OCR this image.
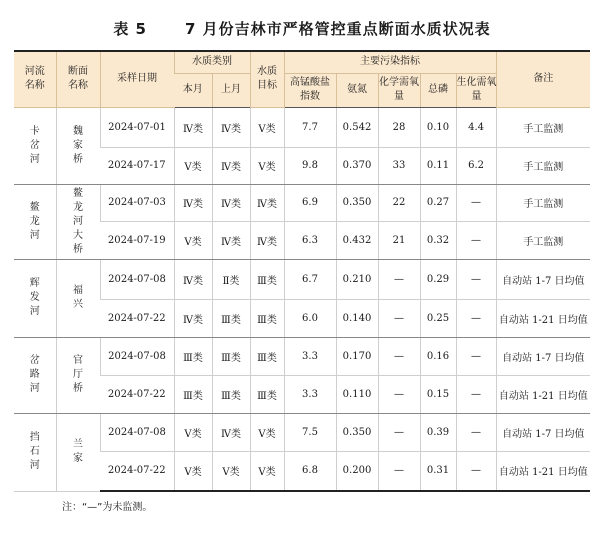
表 5	7 月份吉林市严格管控重点断面水质状况表
河流名称	断面名称	采样日期	水质类别		水质目标	主要污染指标					备注
			本月	上月		高锰酸盐指数	氨氮	化学需氧量	总磷	生化需氧量	
卡岔河	魏家桥	2024-07-01	Ⅳ类	Ⅳ类	Ⅴ类	7.7	0.542	28	0.10	4.4	手工监测
		2024-07-17	Ⅴ类	Ⅳ类	Ⅴ类	9.8	0.370	33	0.11	6.2	手工监测
鳌龙河	鳌龙河大桥	2024-07-03	Ⅳ类	Ⅳ类	Ⅳ类	6.9	0.350	22	0.27	—	手工监测
		2024-07-19	Ⅴ类	Ⅳ类	Ⅳ类	6.3	0.432	21	0.32	—	手工监测
辉发河	福兴	2024-07-08	Ⅳ类	Ⅱ类	Ⅲ类	6.7	0.210	—	0.29	—	自动站 1-7 日均值
		2024-07-22	Ⅳ类	Ⅲ类	Ⅲ类	6.0	0.140	—	0.25	—	自动站 1-21 日均值
岔路河	官厅桥	2024-07-08	Ⅲ类	Ⅲ类	Ⅲ类	3.3	0.170	—	0.16	—	自动站 1-7 日均值
		2024-07-22	Ⅲ类	Ⅲ类	Ⅲ类	3.3	0.110	—	0.15	—	自动站 1-21 日均值
挡石河	兰家	2024-07-08	Ⅴ类	Ⅳ类	Ⅴ类	7.5	0.350	—	0.39	—	自动站 1-7 日均值
		2024-07-22	Ⅴ类	Ⅴ类	Ⅴ类	6.8	0.200	—	0.31	—	自动站 1-21 日均值
注：“—”为未监测。
